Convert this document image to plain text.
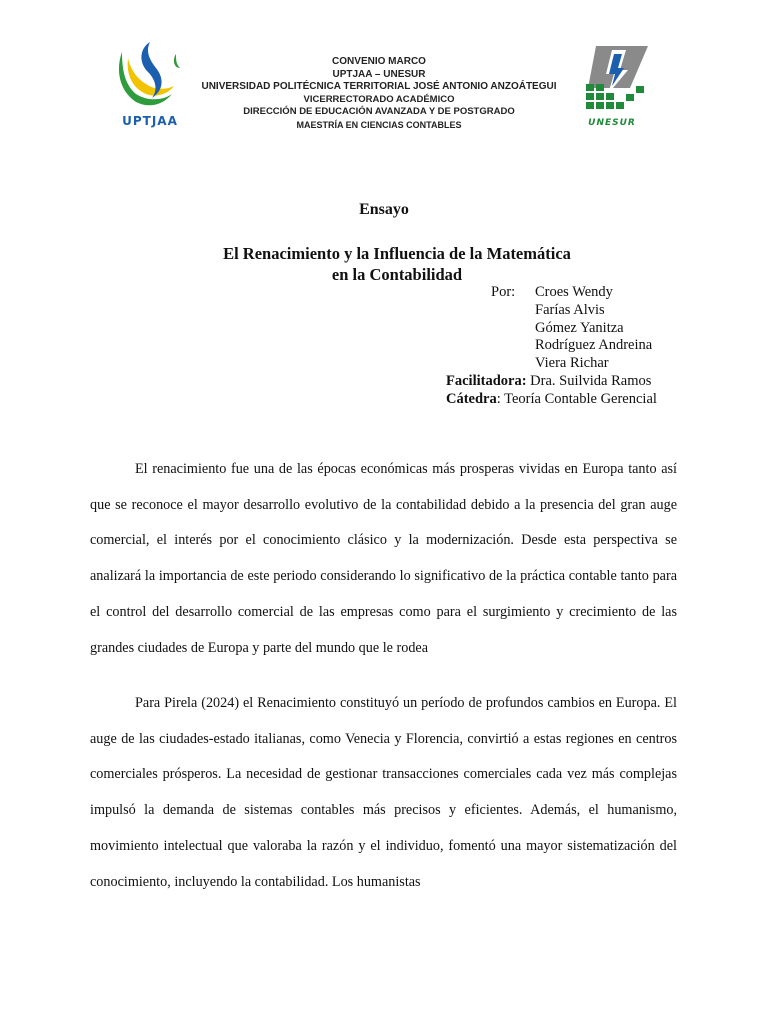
UPTJAA
CONVENIO MARCO
UPTJAA – UNESUR
UNIVERSIDAD POLITÉCNICA TERRITORIAL JOSÉ ANTONIO ANZOÁTEGUI
VICERRECTORADO ACADÉMICO
DIRECCIÓN DE EDUCACIÓN AVANZADA Y DE POSTGRADO
MAESTRÍA EN CIENCIAS CONTABLES	UNESUR
Ensayo
El Renacimiento y la Influencia de la Matemática
en la Contabilidad
Por: Croes Wendy
Farías Alvis
Gómez Yanitza
Rodríguez Andreina
Viera Richar
Facilitadora: Dra. Suilvida Ramos
Cátedra: Teoría Contable Gerencial

El renacimiento fue una de las épocas económicas más prosperas vividas en Europa tanto así que se reconoce el mayor desarrollo evolutivo de la contabilidad debido a la presencia del gran auge comercial, el interés por el conocimiento clásico y la modernización. Desde esta perspectiva se analizará la importancia de este periodo considerando lo significativo de la práctica contable tanto para el control del desarrollo comercial de las empresas como para el surgimiento y crecimiento de las grandes ciudades de Europa y parte del mundo que le rodea

Para Pirela (2024) el Renacimiento constituyó un período de profundos cambios en Europa. El auge de las ciudades-estado italianas, como Venecia y Florencia, convirtió a estas regiones en centros comerciales prósperos. La necesidad de gestionar transacciones comerciales cada vez más complejas impulsó la demanda de sistemas contables más precisos y eficientes. Además, el humanismo, movimiento intelectual que valoraba la razón y el individuo, fomentó una mayor sistematización del conocimiento, incluyendo la contabilidad. Los humanistas
